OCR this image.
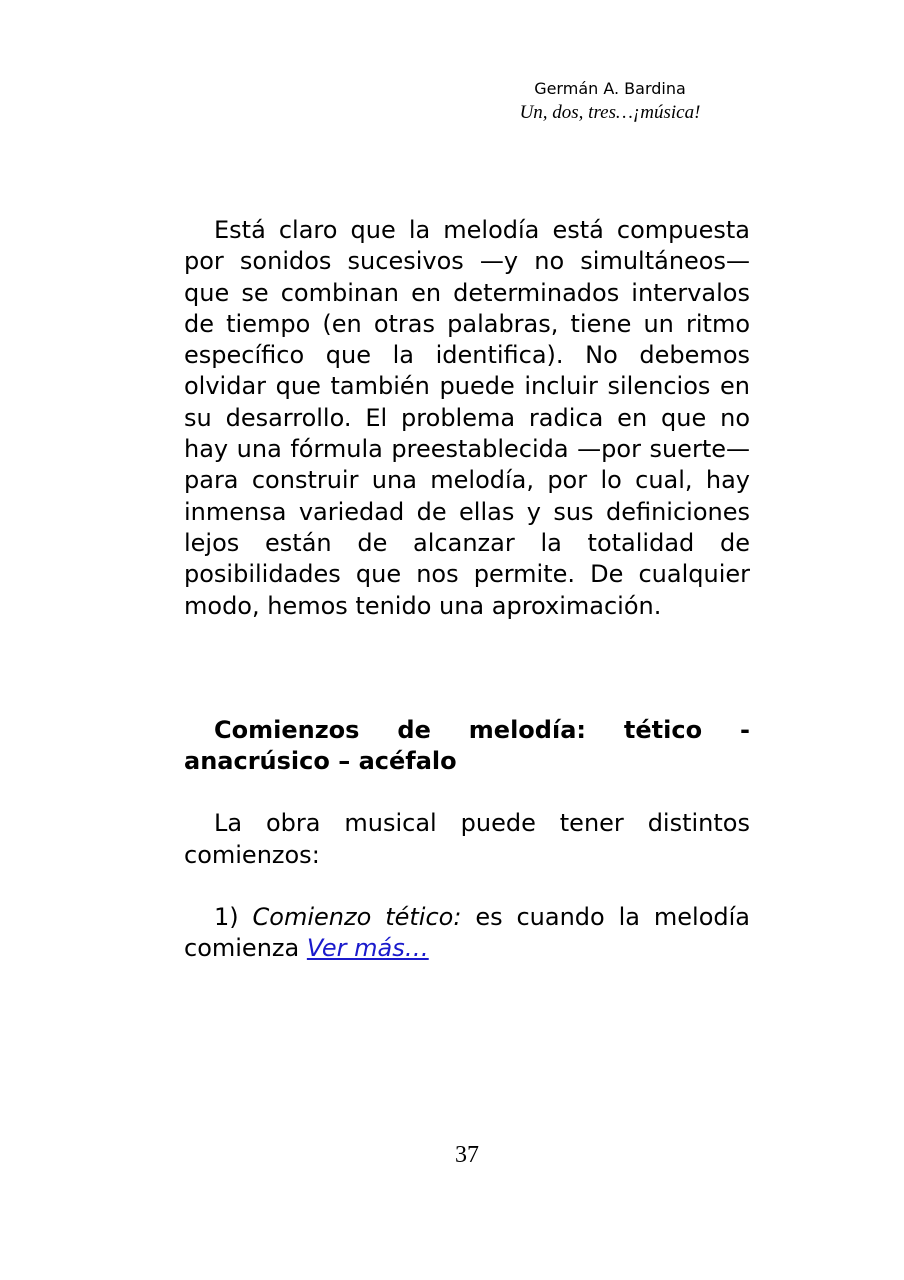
Germán A. Bardina
Un, dos, tres…¡música!

Está claro que la melodía está compuesta por sonidos sucesivos —y no simultáneos— que se combinan en determinados intervalos de tiempo (en otras palabras, tiene un ritmo específico que la identifica). No debemos olvidar que también puede incluir silencios en su desarrollo. El problema radica en que no hay una fórmula preestablecida —por suerte— para construir una melodía, por lo cual, hay inmensa variedad de ellas y sus definiciones lejos están de alcanzar la totalidad de posibilidades que nos permite. De cualquier modo, hemos tenido una aproximación.

Comienzos de melodía: tético - anacrúsico – acéfalo

La obra musical puede tener distintos comienzos:

1) Comienzo tético: es cuando la melodía comienza Ver más…

37
